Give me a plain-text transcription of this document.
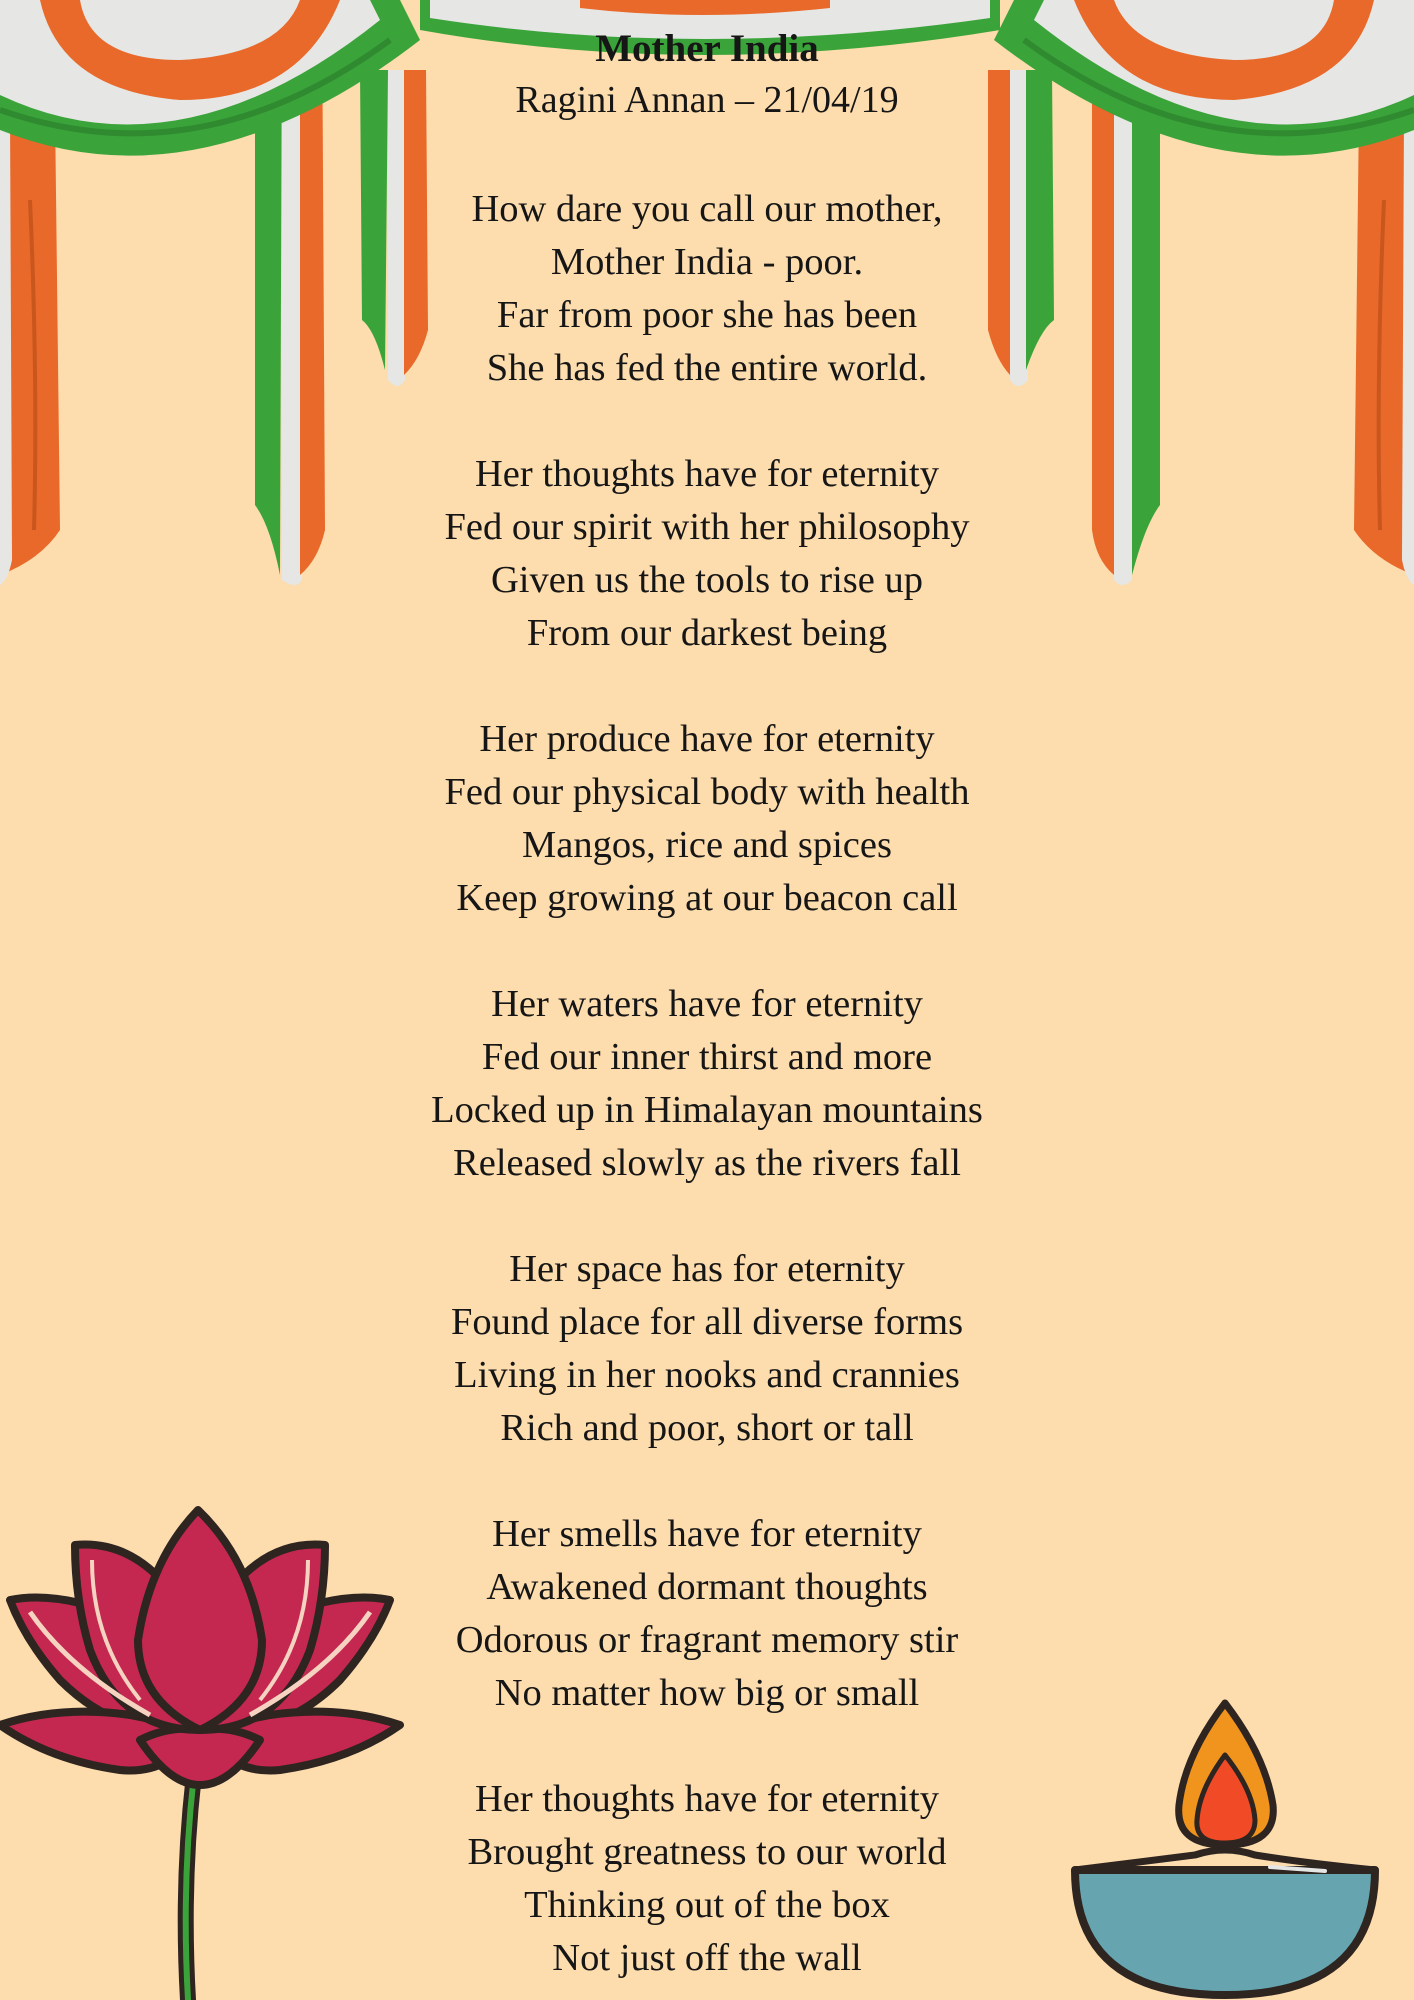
Mother India

Ragini Annan – 21/04/19

How dare you call our mother,
Mother India - poor.
Far from poor she has been
She has fed the entire world.
Her thoughts have for eternity
Fed our spirit with her philosophy
Given us the tools to rise up
From our darkest being
Her produce have for eternity
Fed our physical body with health
Mangos, rice and spices
Keep growing at our beacon call
Her waters have for eternity
Fed our inner thirst and more
Locked up in Himalayan mountains
Released slowly as the rivers fall
Her space has for eternity
Found place for all diverse forms
Living in her nooks and crannies
Rich and poor, short or tall
Her smells have for eternity
Awakened dormant thoughts
Odorous or fragrant memory stir
No matter how big or small
Her thoughts have for eternity
Brought greatness to our world
Thinking out of the box
Not just off the wall
